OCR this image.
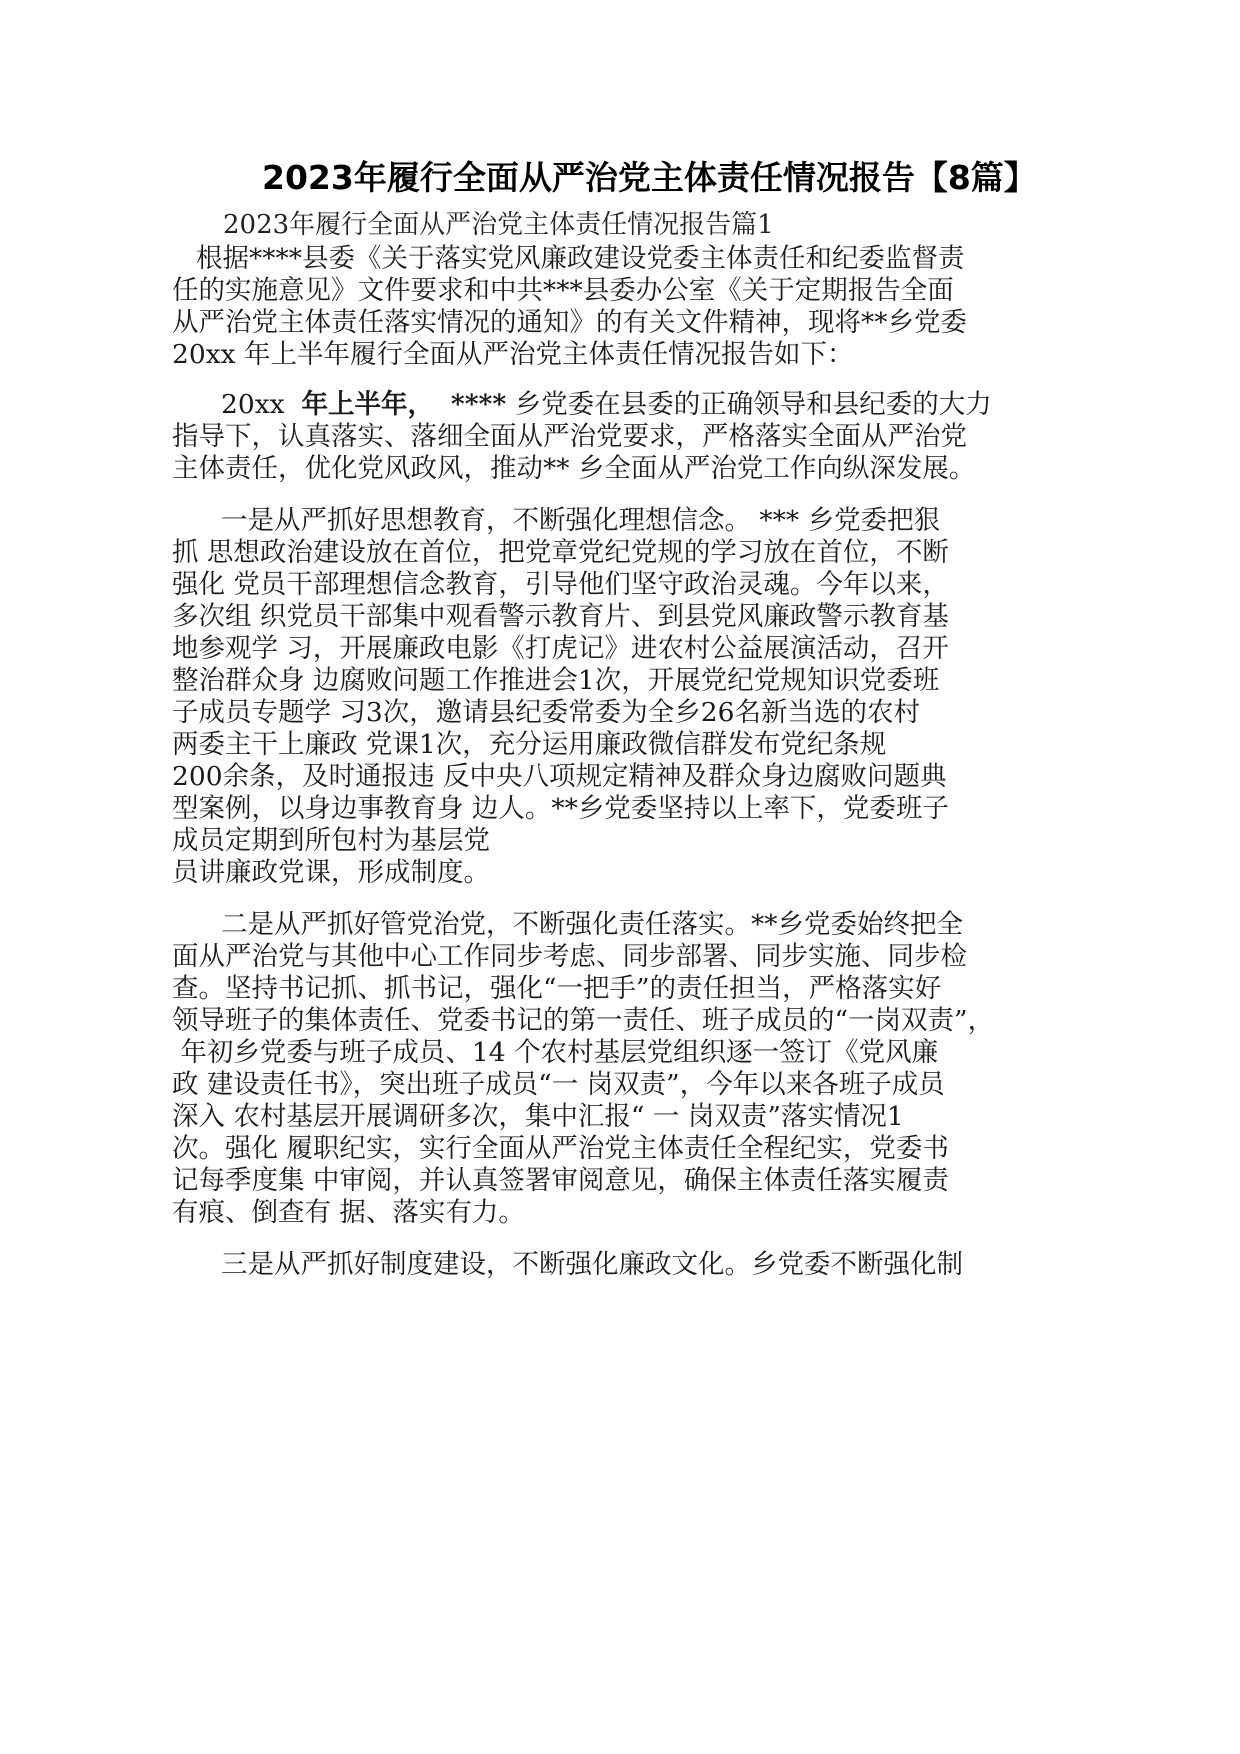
2023年履行全面从严治党主体责任情况报告【8篇】
2023年履行全面从严治党主体责任情况报告篇1
根据****县委《关于落实党风廉政建设党委主体责任和纪委监督责
任的实施意见》文件要求和中共***县委办公室《关于定期报告全面
从严治党主体责任落实情况的通知》的有关文件精神，现将**乡党委
20xx 年上半年履行全面从严治党主体责任情况报告如下：
20xx 年上半年， **** 乡党委在县委的正确领导和县纪委的大力
指导下，认真落实、落细全面从严治党要求，严格落实全面从严治党
主体责任，优化党风政风，推动** 乡全面从严治党工作向纵深发展。
一是从严抓好思想教育，不断强化理想信念。 *** 乡党委把狠
抓 思想政治建设放在首位，把党章党纪党规的学习放在首位，不断
强化 党员干部理想信念教育，引导他们坚守政治灵魂。今年以来，
多次组 织党员干部集中观看警示教育片、到县党风廉政警示教育基
地参观学 习，开展廉政电影《打虎记》进农村公益展演活动，召开
整治群众身 边腐败问题工作推进会1次，开展党纪党规知识党委班
子成员专题学 习3次，邀请县纪委常委为全乡26名新当选的农村
两委主干上廉政 党课1次，充分运用廉政微信群发布党纪条规
200余条，及时通报违 反中央八项规定精神及群众身边腐败问题典
型案例，以身边事教育身 边人。**乡党委坚持以上率下，党委班子
成员定期到所包村为基层党
员讲廉政党课，形成制度。
二是从严抓好管党治党，不断强化责任落实。**乡党委始终把全
面从严治党与其他中心工作同步考虑、同步部署、同步实施、同步检
查。坚持书记抓、抓书记，强化“一把手”的责任担当，严格落实好
领导班子的集体责任、党委书记的第一责任、班子成员的“一岗双责”，
年初乡党委与班子成员、14 个农村基层党组织逐一签订《党风廉
政 建设责任书》，突出班子成员“一 岗双责”，今年以来各班子成员
深入 农村基层开展调研多次，集中汇报“ 一 岗双责”落实情况1
次。强化 履职纪实，实行全面从严治党主体责任全程纪实，党委书
记每季度集 中审阅，并认真签署审阅意见，确保主体责任落实履责
有痕、倒查有 据、落实有力。
三是从严抓好制度建设，不断强化廉政文化。乡党委不断强化制
